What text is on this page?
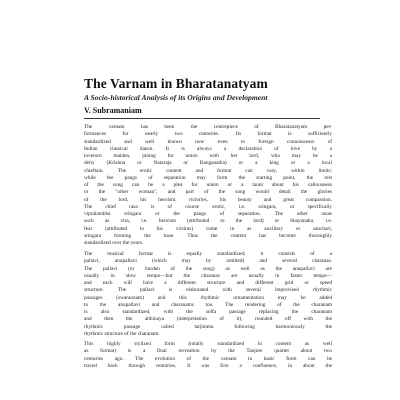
The Varnam in Bharatanatyam
A Socio-historical Analysis of its Origins and Development
V. Subramaniam
The varnam has been the centrepiece of Bharatanatyam per-
formances for nearly two centuries. Its format is sufficiently
standardized and well known now even to foreign connoisseurs of
Indian classical dance. It is always a declaration of love by a
lovelorn maiden, pining for union with her lord, who may be a
deity (Krishna or Nataraja or Ranganatha) or a king or a local
chieftain. The erotic content and format can vary, within limits:
while the pangs of separation may form the starting point, the rest
of the song can be a plea for union or a taunt about his callousness
or the "other woman", and part of the song would detail the glories
of the lord, his heroism, victories, his beauty and great compassion.
The chief rasa is of course erotic, i.e. sringara, or specifically
vipralambha sringara or the pangs of separation. The other rasas
such as vira, i.e. heroism (attributed to the lord) or bhayanaka, i.e.
fear (attributed to his victims) come in as auxiliary or sanchari,
sringara forming the base. Thus the content has become thoroughly
standardized over the years.
The musical format is equally standardized; it consists of a
pallavi, anupallavi (which may by omitted) and several charanas.
The pallavi (or burden of the song) as well as the anupallavi are
usually in slow tempo—but the charanas are usually in faster tempo—
and each will have a different structure and different grid or speed
structure. The pallavi is elaborated with several improvised rhythmic
passages (swaraonam) and this rhythmic ornamentation may be added
to the anupallavi and charanams too. The rendering of the charanam
is also standardized, with the solfa passage replacing the charanam
and then the abhinaya (interpretation of it), rounded off with the
rhythmic passage called tatjimmu following harmoniously the
rhythmic structure of the charanam.
This highly stylized form (totally standardized in content as well
as format) is a final recreation by the Tanjore quartet about two
centuries ago. The evolution of the varnam in basic form can be
traced back through centuries. It was first a confluence, in about the
